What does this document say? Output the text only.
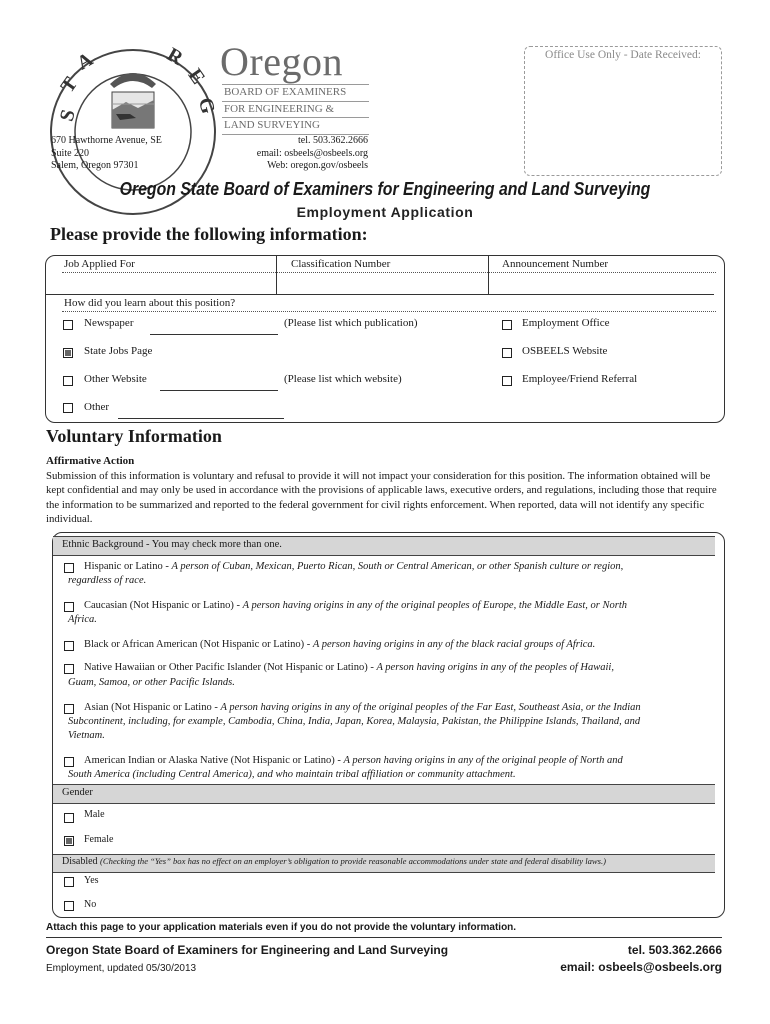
S
T
A	R
E
G
Oregon
BOARD OF EXAMINERS
FOR ENGINEERING &
LAND SURVEYING
Office Use Only - Date Received:
670 Hawthorne Avenue, SE
Suite 220
Salem, Oregon 97301
tel. 503.362.2666
email: osbeels@osbeels.org
Web: oregon.gov/osbeels
Oregon State Board of Examiners for Engineering and Land Surveying
Employment Application
Please provide the following information:
Job Applied For	Classification Number	Announcement Number
How did you learn about this position?
Newspaper	(Please list which publication)	Employment Office
State Jobs Page	OSBEELS Website
Other Website	(Please list which website)	Employee/Friend Referral
Other
Voluntary Information
Affirmative Action
Submission of this information is voluntary and refusal to provide it will not impact your consideration for this position. The information obtained will be kept confidential and may only be used in accordance with the provisions of applicable laws, executive orders, and regulations, including those that require the information to be summarized and reported to the federal government for civil rights enforcement. When reported, data will not identify any specific individual.
Ethnic Background - You may check more than one.
Hispanic or Latino - A person of Cuban, Mexican, Puerto Rican, South or Central American, or other Spanish culture or region,
regardless of race.
Caucasian (Not Hispanic or Latino) - A person having origins in any of the original peoples of Europe, the Middle East, or North
Africa.
Black or African American (Not Hispanic or Latino) - A person having origins in any of the black racial groups of Africa.
Native Hawaiian or Other Pacific Islander (Not Hispanic or Latino) - A person having origins in any of the peoples of Hawaii,
Guam, Samoa, or other Pacific Islands.
Asian (Not Hispanic or Latino - A person having origins in any of the original peoples of the Far East, Southeast Asia, or the Indian
Subcontinent, including, for example, Cambodia, China, India, Japan, Korea, Malaysia, Pakistan, the Philippine Islands, Thailand, and
Vietnam.
American Indian or Alaska Native (Not Hispanic or Latino) - A person having origins in any of the original people of North and
South America (including Central America), and who maintain tribal affiliation or community attachment.
Gender
Male
Female
Disabled (Checking the “Yes” box has no effect on an employer’s obligation to provide reasonable accommodations under state and federal disability laws.)
Yes
No
Attach this page to your application materials even if you do not provide the voluntary information.
Oregon State Board of Examiners for Engineering and Land Surveying
Employment, updated 05/30/2013
tel. 503.362.2666
email: osbeels@osbeels.org
